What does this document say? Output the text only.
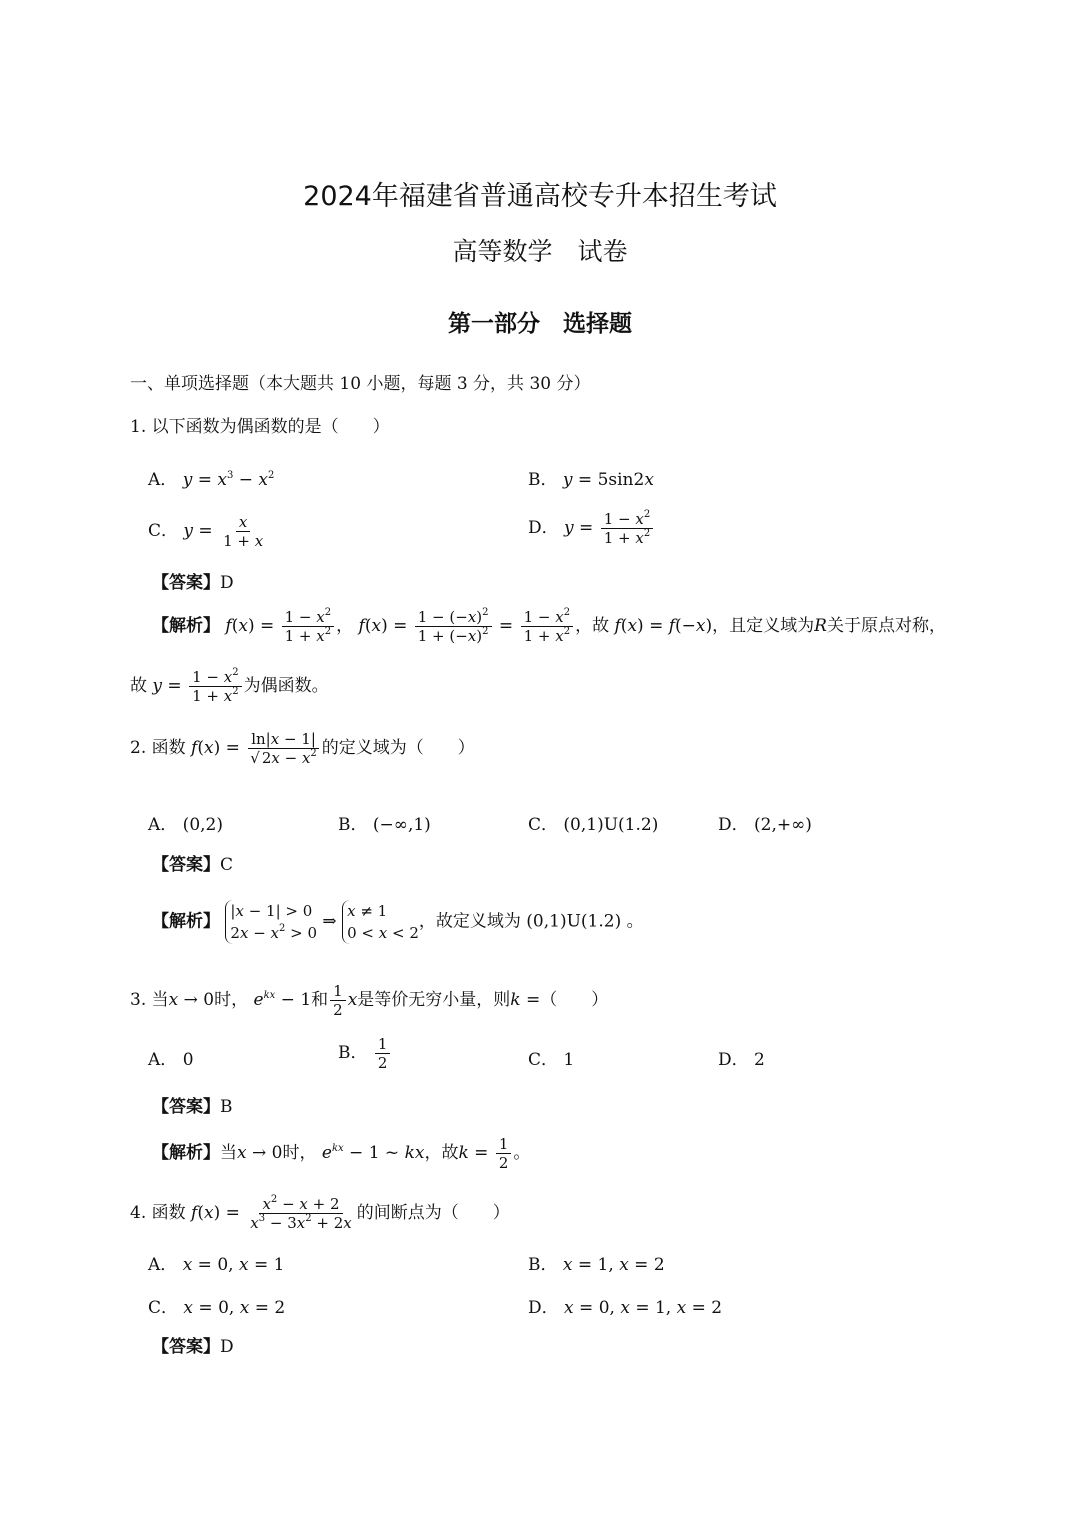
2024年福建省普通高校专升本招生考试
高等数学　试卷
第一部分　选择题
一、单项选择题（本大题共 10 小题，每题 3 分，共 30 分）
1. 以下函数为偶函数的是（　　）
A． $y = x^3 - x^2$	B． y = 5sin2x
C． $y = \frac{x}{1 + x}$	D． $y = \frac{1 - x^2}{1 + x^2}$
【答案】D
【解析】 $f(x) = \frac{1 - x^2}{1 + x^2}$ ， $f(x) = \frac{1 - (-x)^2}{1 + (-x)^2} = \frac{1 - x^2}{1 + x^2}$ ，故 f(x) = f(−x)，且定义域为R关于原点对称，
故 $y = \frac{1 - x^2}{1 + x^2}$ 为偶函数。
2. 函数 $f(x) = \frac{\ln|x - 1|}{√ 2x - x^2}$ 的定义域为（　　）
A． (0,2)	B． (−∞,1)	C． (0,1)U(1.2)	D． (2,+∞)
【答案】C
【解析】
|x − 1| > 0
$2x - x^2 > 0$
⇒
x ≠ 1
0 < x < 2
，故定义域为 (0,1)U(1.2) 。
3. 当x → 0时， $e^{kx} - 1$和 $\frac{1}{2}$ x是等价无穷小量，则k =（　　）
A． 0	B． $\frac{1}{2}$	C． 1	D． 2
【答案】B
【解析】当x → 0时， $e^{kx} - 1$ ~ kx，故$k = \frac{1}{2}$ 。
4. 函数 $f(x) = \frac{x^2 - x + 2}{x^3 - 3x^2 + 2x}$ 的间断点为（　　）
A． x = 0, x = 1	B． x = 1, x = 2
C． x = 0, x = 2	D． x = 0, x = 1, x = 2
【答案】D
